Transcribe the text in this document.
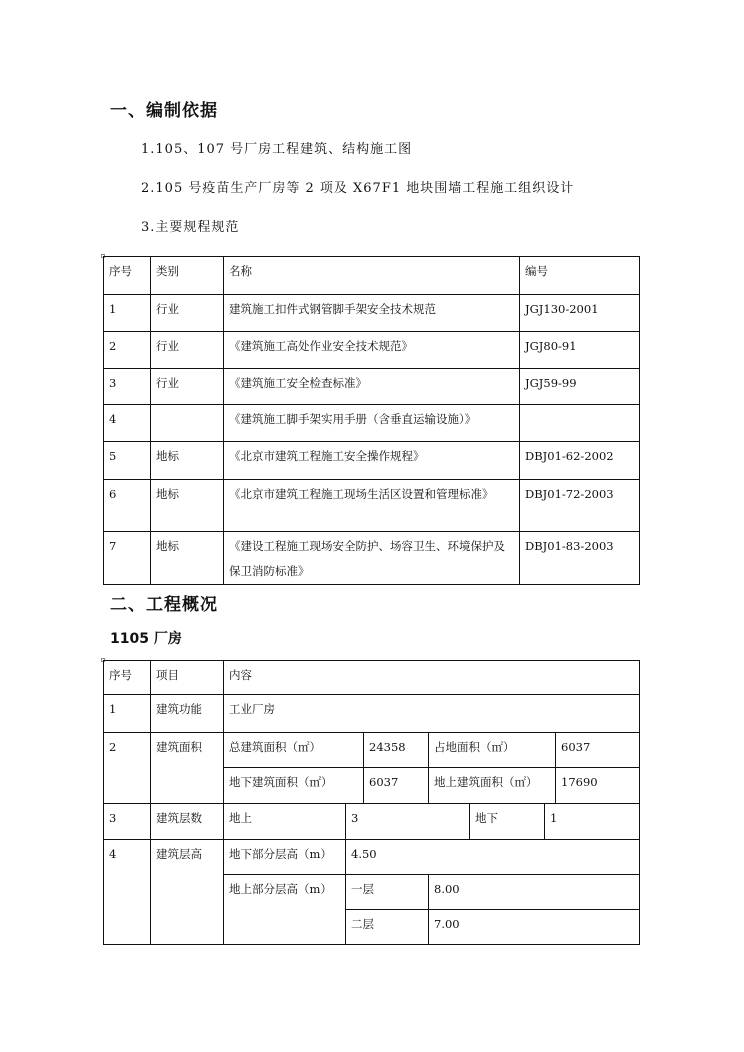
一、编制依据
1.105、107 号厂房工程建筑、结构施工图
2.105 号疫苗生产厂房等 2 项及 X67F1 地块围墙工程施工组织设计
3.主要规程规范
序号	类别	名称	编号
1	行业	建筑施工扣件式钢管脚手架安全技术规范	JGJ130-2001
2	行业	《建筑施工高处作业安全技术规范》	JGJ80-91
3	行业	《建筑施工安全检查标准》	JGJ59-99
4		《建筑施工脚手架实用手册（含垂直运输设施）》	
5	地标	《北京市建筑工程施工安全操作规程》	DBJ01-62-2002
6	地标	《北京市建筑工程施工现场生活区设置和管理标准》	DBJ01-72-2003
7	地标	《建设工程施工现场安全防护、场容卫生、环境保护及保卫消防标准》	DBJ01-83-2003
二、工程概况
1105 厂房
序号	项目	内容						
1	建筑功能	工业厂房						
2	建筑面积	总建筑面积（㎡）		24358	占地面积（㎡）			6037
		地下建筑面积（㎡）		6037	地上建筑面积（㎡）			17690
3	建筑层数	地上	3			地下	1	
4	建筑层高	地下部分层高（m）	4.50					
		地上部分层高（m）	一层		8.00			
			二层		7.00			
